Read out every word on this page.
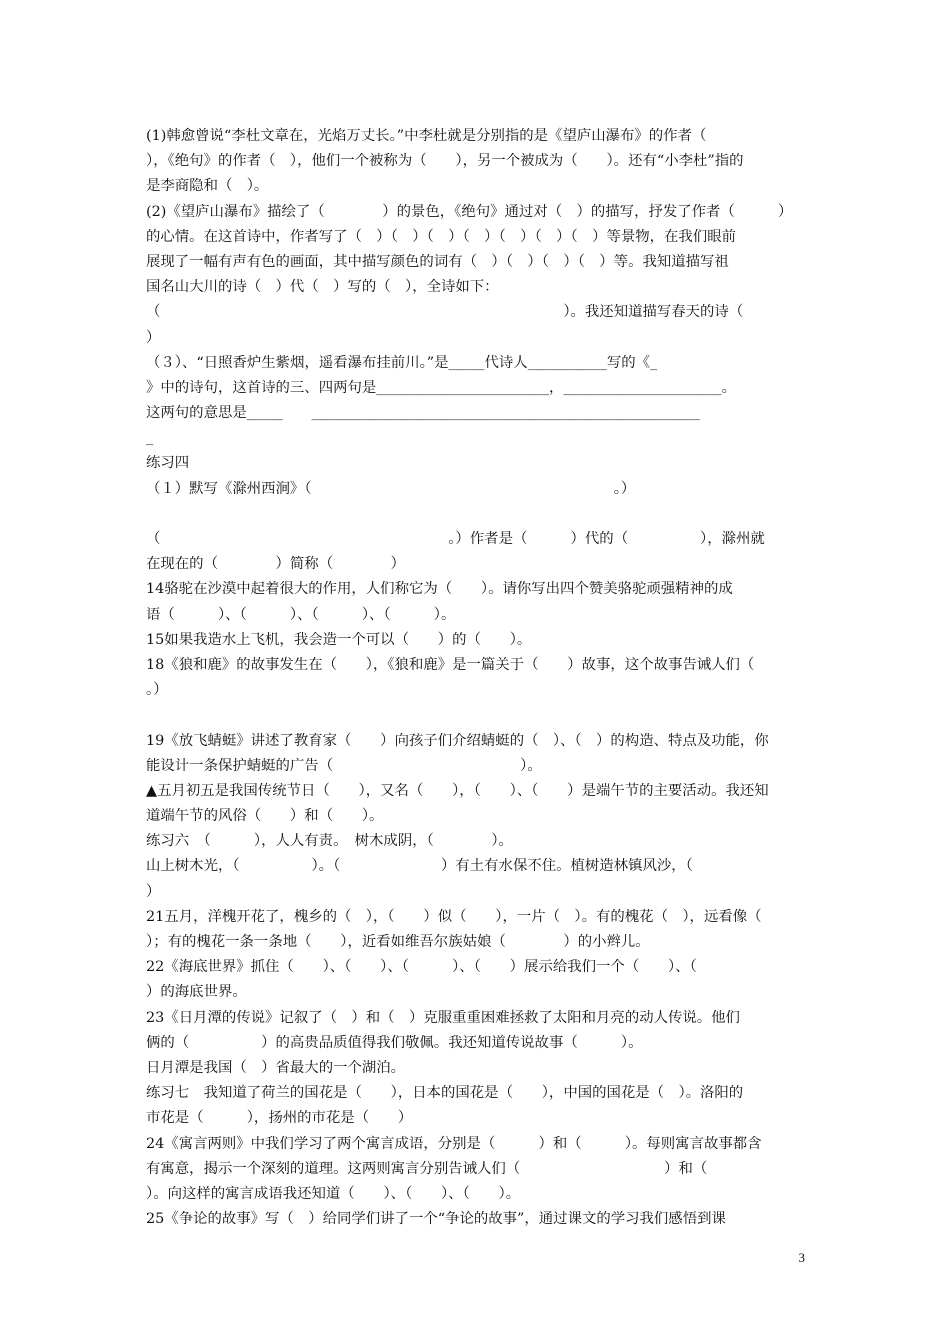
(1)韩愈曾说“李杜文章在，光焰万丈长。”中李杜就是分别指的是《望庐山瀑布》的作者（
），《绝句》的作者（　），他们一个被称为（　　），另一个被成为（　　）。还有“小李杜”指的
是李商隐和（　）。
(2)《望庐山瀑布》描绘了（　　　　）的景色，《绝句》通过对（　）的描写，抒发了作者（　　　）
的心情。在这首诗中，作者写了（　）（　）（　）（　）（　）（　）（　）等景物，在我们眼前
展现了一幅有声有色的画面，其中描写颜色的词有（　）（　）（　）（　）等。我知道描写祖
国名山大川的诗（　）代（　）写的（　），全诗如下：
（　　　　　　　　　　　　　　　　　　　　　　　　　　　　）。我还知道描写春天的诗（
）
（３）、“日照香炉生紫烟，遥看瀑布挂前川。”是_____代诗人___________写的《_
》中的诗句，这首诗的三、四两句是________________________，______________________。
这两句的意思是_____　　______________________________________________________
_
练习四
（１）默写《滁州西涧》（　　　　　　　　　　　　　　　　　　　　　。）
（　　　　　　　　　　　　　　　　　　　　。）作者是（　　　）代的（　　　　　），滁州就
在现在的（　　　　）简称（　　　　）
14骆驼在沙漠中起着很大的作用，人们称它为（　　）。请你写出四个赞美骆驼顽强精神的成
语（　　　）、（　　　）、（　　　）、（　　　）。
15如果我造水上飞机，我会造一个可以（　　）的（　　）。
18《狼和鹿》的故事发生在（　　），《狼和鹿》是一篇关于（　　）故事，这个故事告诫人们（
。）
19《放飞蜻蜓》讲述了教育家（　　）向孩子们介绍蜻蜓的（　）、（　）的构造、特点及功能，你
能设计一条保护蜻蜓的广告（　　　　　　　　　　　　　）。
▲五月初五是我国传统节日（　　），又名（　　），（　　）、（　　）是端午节的主要活动。我还知
道端午节的风俗（　　）和（　　）。
练习六　（　　　），人人有责。　树木成阴，（　　　　）。
山上树木光，（　　　　　）。（　　　　　　　）有土有水保不住。植树造林镇风沙，（
）
21五月，洋槐开花了，槐乡的（　），（　　）似（　　），一片（　）。有的槐花（　），远看像（
）；有的槐花一条一条地（　　），近看如维吾尔族姑娘（　　　　）的小辫儿。
22《海底世界》抓住（　　）、（　　）、（　　　）、（　　）展示给我们一个（　　）、（
）的海底世界。
23《日月潭的传说》记叙了（　）和（　）克服重重困难拯救了太阳和月亮的动人传说。他们
俩的（　　　　　）的高贵品质值得我们敬佩。我还知道传说故事（　　　）。
日月潭是我国（　）省最大的一个湖泊。
练习七　我知道了荷兰的国花是（　　），日本的国花是（　　），中国的国花是（　）。洛阳的
市花是（　　　），扬州的市花是（　　）
24《寓言两则》中我们学习了两个寓言成语，分别是（　　　）和（　　　）。每则寓言故事都含
有寓意，揭示一个深刻的道理。这两则寓言分别告诫人们（　　　　　　　　　　）和（
）。向这样的寓言成语我还知道（　　）、（　　）、（　　）。
25《争论的故事》写（　）给同学们讲了一个“争论的故事”，通过课文的学习我们感悟到课
3
